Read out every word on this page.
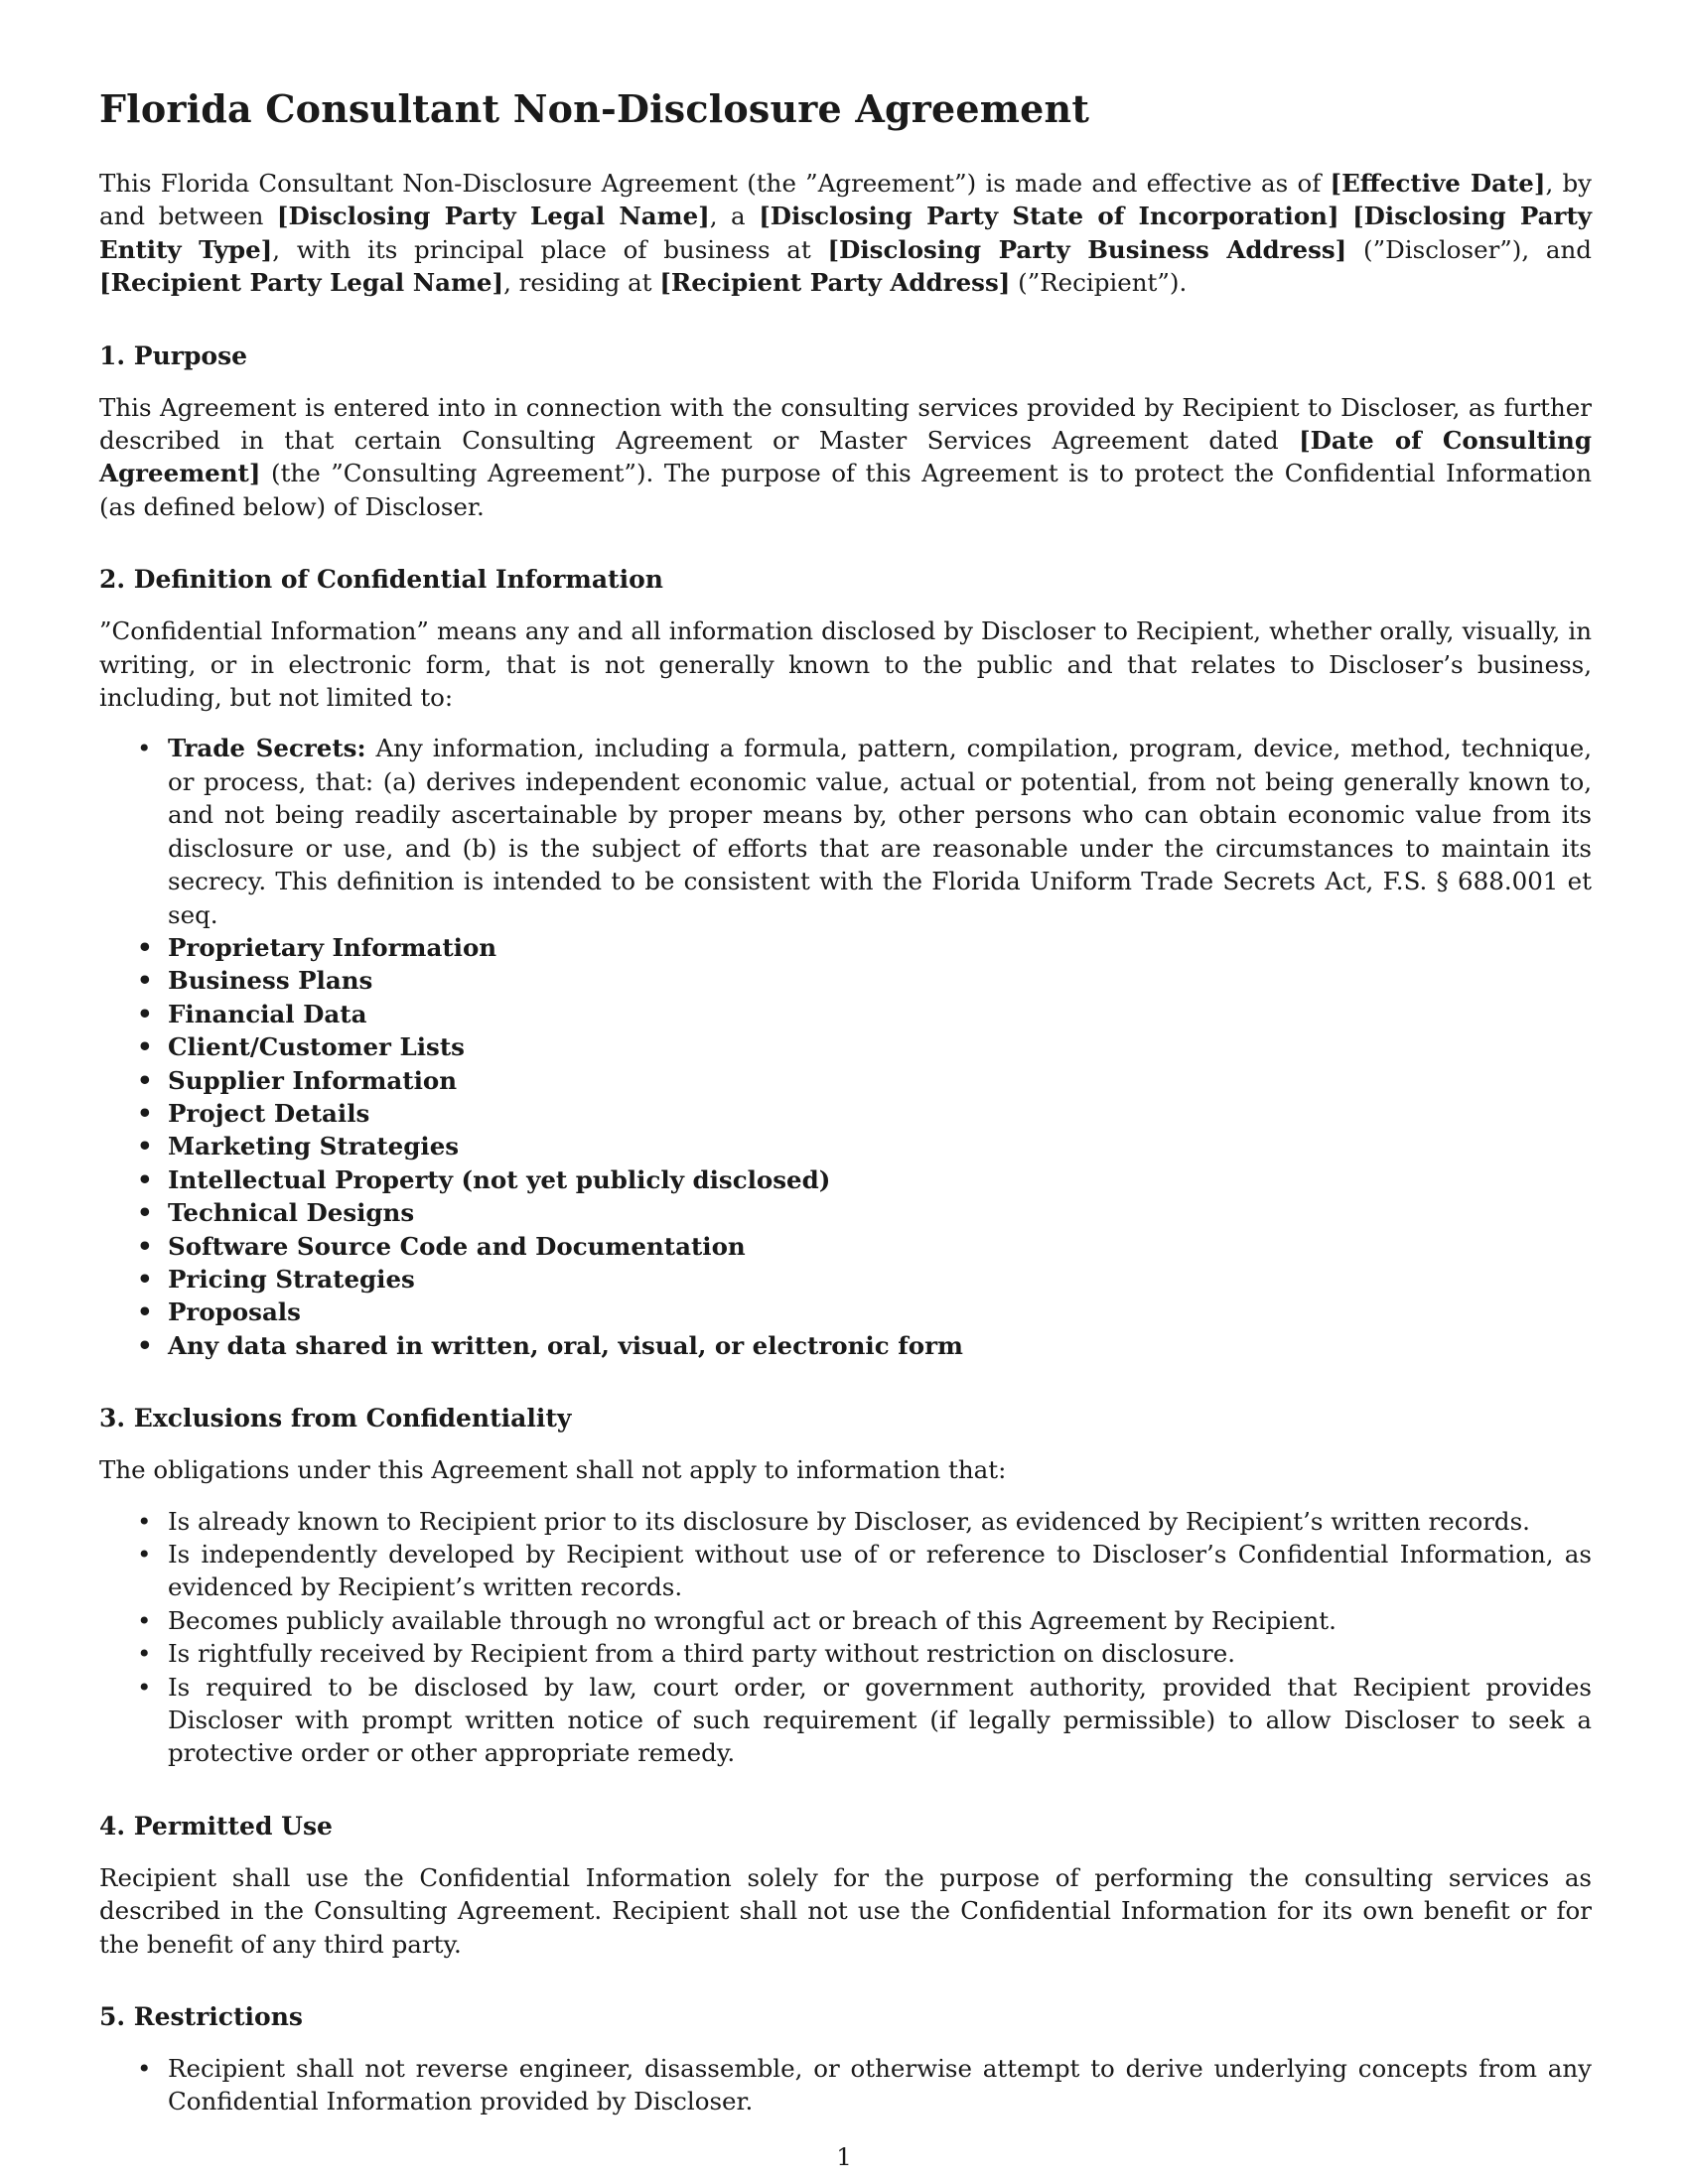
Florida Consultant Non-Disclosure Agreement

This Florida Consultant Non-Disclosure Agreement (the ”Agreement”) is made and effective as of [Effective Date], by and between [Disclosing Party Legal Name], a [Disclosing Party State of Incorporation] [Disclosing Party Entity Type], with its principal place of business at [Disclosing Party Business Address] (”Discloser”), and [Recipient Party Legal Name], residing at [Recipient Party Address] (”Recipient”).

1. Purpose

This Agreement is entered into in connection with the consulting services provided by Recipient to Discloser, as further described in that certain Consulting Agreement or Master Services Agreement dated [Date of Consulting Agreement] (the ”Consulting Agreement”). The purpose of this Agreement is to protect the Confidential Information (as defined below) of Discloser.

2. Definition of Confidential Information

”Confidential Information” means any and all information disclosed by Discloser to Recipient, whether orally, visually, in writing, or in electronic form, that is not generally known to the public and that relates to Discloser’s business, including, but not limited to:

• Trade Secrets: Any information, including a formula, pattern, compilation, program, device, method, technique, or process, that: (a) derives independent economic value, actual or potential, from not being generally known to, and not being readily ascertainable by proper means by, other persons who can obtain economic value from its disclosure or use, and (b) is the subject of efforts that are reasonable under the circumstances to maintain its secrecy. This definition is intended to be consistent with the Florida Uniform Trade Secrets Act, F.S. § 688.001 et seq.
• Proprietary Information
• Business Plans
• Financial Data
• Client/Customer Lists
• Supplier Information
• Project Details
• Marketing Strategies
• Intellectual Property (not yet publicly disclosed)
• Technical Designs
• Software Source Code and Documentation
• Pricing Strategies
• Proposals
• Any data shared in written, oral, visual, or electronic form
3. Exclusions from Confidentiality

The obligations under this Agreement shall not apply to information that:

• Is already known to Recipient prior to its disclosure by Discloser, as evidenced by Recipient’s written records.
• Is independently developed by Recipient without use of or reference to Discloser’s Confidential Information, as evidenced by Recipient’s written records.
• Becomes publicly available through no wrongful act or breach of this Agreement by Recipient.
• Is rightfully received by Recipient from a third party without restriction on disclosure.
• Is required to be disclosed by law, court order, or government authority, provided that Recipient provides Discloser with prompt written notice of such requirement (if legally permissible) to allow Discloser to seek a protective order or other appropriate remedy.
4. Permitted Use

Recipient shall use the Confidential Information solely for the purpose of performing the consulting services as described in the Consulting Agreement. Recipient shall not use the Confidential Information for its own benefit or for the benefit of any third party.

5. Restrictions
• Recipient shall not reverse engineer, disassemble, or otherwise attempt to derive underlying concepts from any Confidential Information provided by Discloser.
1
